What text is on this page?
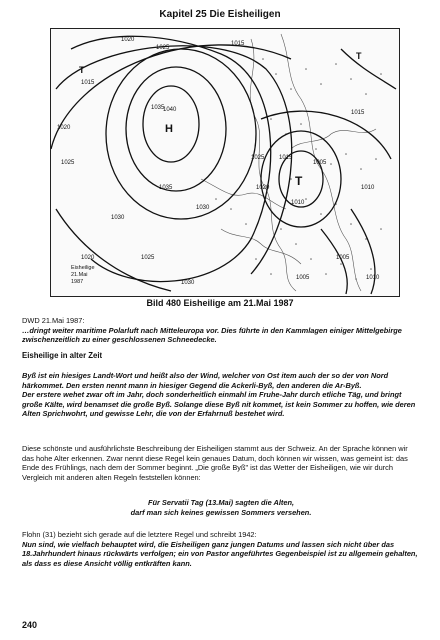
Kapitel 25 Die Eisheiligen
1020
1025
1015
1015
1020
1025
1030
1035
1040
1035
1030
1025
1020
1015
1010
1005
1020	1025
1030
1015
1010
1005
1005	1010
H
T
T
T
Eisheilige
21.Mai
1987
Bild 480 Eisheilige am 21.Mai 1987

DWD 21.Mai 1987:

…dringt weiter maritime Polarluft nach Mitteleuropa vor. Dies führte in den Kammlagen einiger Mittelgebirge zwischenzeitlich zu einer geschlossenen Schneedecke.

Eisheilige in alter Zeit

Byß ist ein hiesiges Landt-Wort und heißt also der Wind, welcher von Ost item auch der so der von Nord härkommet. Den ersten nennt mann in hiesiger Gegend die Ackerli-Byß, den anderen die Ar-Byß.

Der erstere wehet zwar oft im Jahr, doch sonderheitlich einmahl im Fruhe-Jahr durch etliche Täg, und bringt große Kälte, wird benamset die große Byß. Solange diese Byß nit kommet, ist kein Sommer zu hoffen, wie deren Alten Sprichwohrt, und gewisse Lehr, die von der Erfahrnuß bestehet wird.

Diese schönste und ausführlichste Beschreibung der Eisheiligen stammt aus der Schweiz. An der Sprache können wir das hohe Alter erkennen. Zwar nennt diese Regel kein genaues Datum, doch können wir wissen, was gemeint ist: das Ende des Frühlings, nach dem der Sommer beginnt. „Die große Byß" ist das Wetter der Eisheiligen, wie wir durch Vergleich mit anderen alten Regeln feststellen können:

Für Servatii Tag (13.Mai) sagten die Alten,

darf man sich keines gewissen Sommers versehen.

Flohn (31) bezieht sich gerade auf die letztere Regel und schreibt 1942:

Nun sind, wie vielfach behauptet wird, die Eisheiligen ganz jungen Datums und lassen sich nicht über das 18.Jahrhundert hinaus rückwärts verfolgen; ein von Pastor angeführtes Gegenbeispiel ist zu allgemein gehalten, als dass es diese Ansicht völlig entkräften kann.

240
